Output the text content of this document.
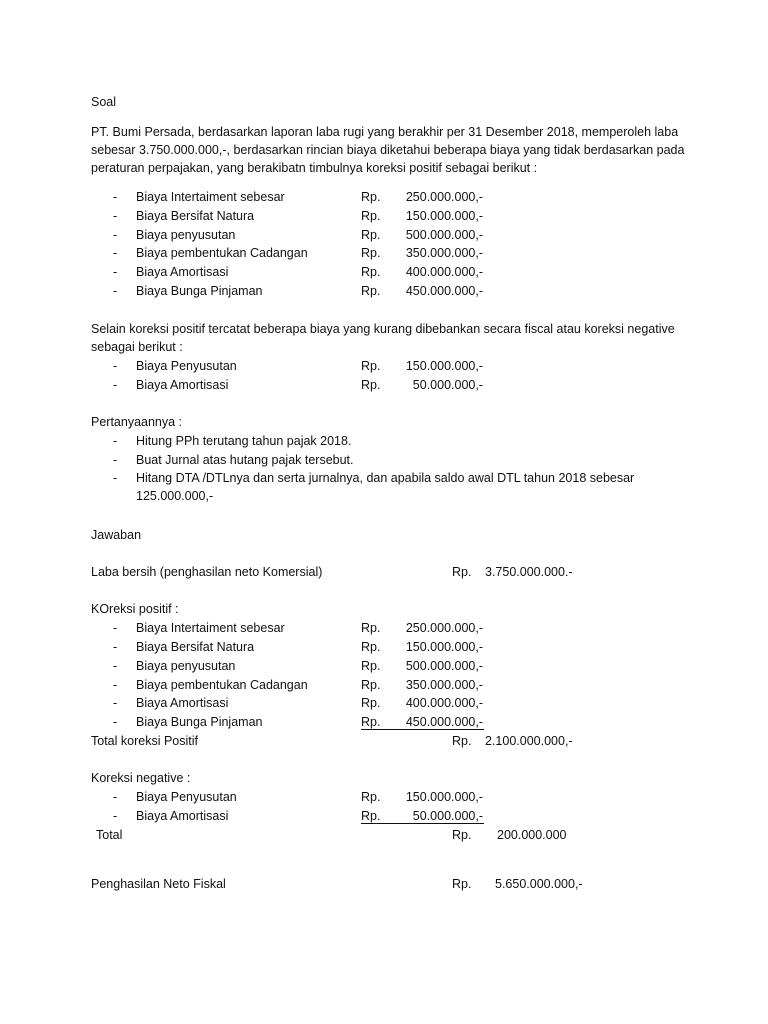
Soal
PT. Bumi Persada, berdasarkan laporan laba rugi yang berakhir per 31 Desember 2018, memperoleh laba sebesar 3.750.000.000,-, berdasarkan rincian biaya diketahui beberapa biaya yang tidak berdasarkan pada peraturan perpajakan, yang berakibatn timbulnya koreksi positif sebagai berikut :
- Biaya Intertaiment sebesar	Rp.	250.000.000,-
- Biaya Bersifat Natura	Rp.	150.000.000,-
- Biaya penyusutan	Rp.	500.000.000,-
- Biaya pembentukan Cadangan	Rp.	350.000.000,-
- Biaya Amortisasi	Rp.	400.000.000,-
- Biaya Bunga Pinjaman	Rp.	450.000.000,-
Selain koreksi positif tercatat beberapa biaya yang kurang dibebankan secara fiscal atau koreksi negative sebagai berikut :
- Biaya Penyusutan	Rp.	150.000.000,-
- Biaya Amortisasi	Rp.	50.000.000,-
Pertanyaannya :
- Hitung PPh terutang tahun pajak 2018.
- Buat Jurnal atas hutang pajak tersebut.
- Hitang DTA /DTLnya dan serta jurnalnya, dan apabila saldo awal DTL tahun 2018 sebesar 125.000.000,-
Jawaban
Laba bersih (penghasilan neto Komersial)	Rp. 3.750.000.000.-
KOreksi positif :
- Biaya Intertaiment sebesar	Rp.	250.000.000,-
- Biaya Bersifat Natura	Rp.	150.000.000,-
- Biaya penyusutan	Rp.	500.000.000,-
- Biaya pembentukan Cadangan	Rp.	350.000.000,-
- Biaya Amortisasi	Rp.	400.000.000,-
- Biaya Bunga Pinjaman	Rp.	450.000.000,-
Total koreksi Positif	Rp. 2.100.000.000,-
Koreksi negative :
- Biaya Penyusutan	Rp.	150.000.000,-
- Biaya Amortisasi	Rp.	50.000.000,-
Total	Rp. 200.000.000
Penghasilan Neto Fiskal	Rp. 5.650.000.000,-
